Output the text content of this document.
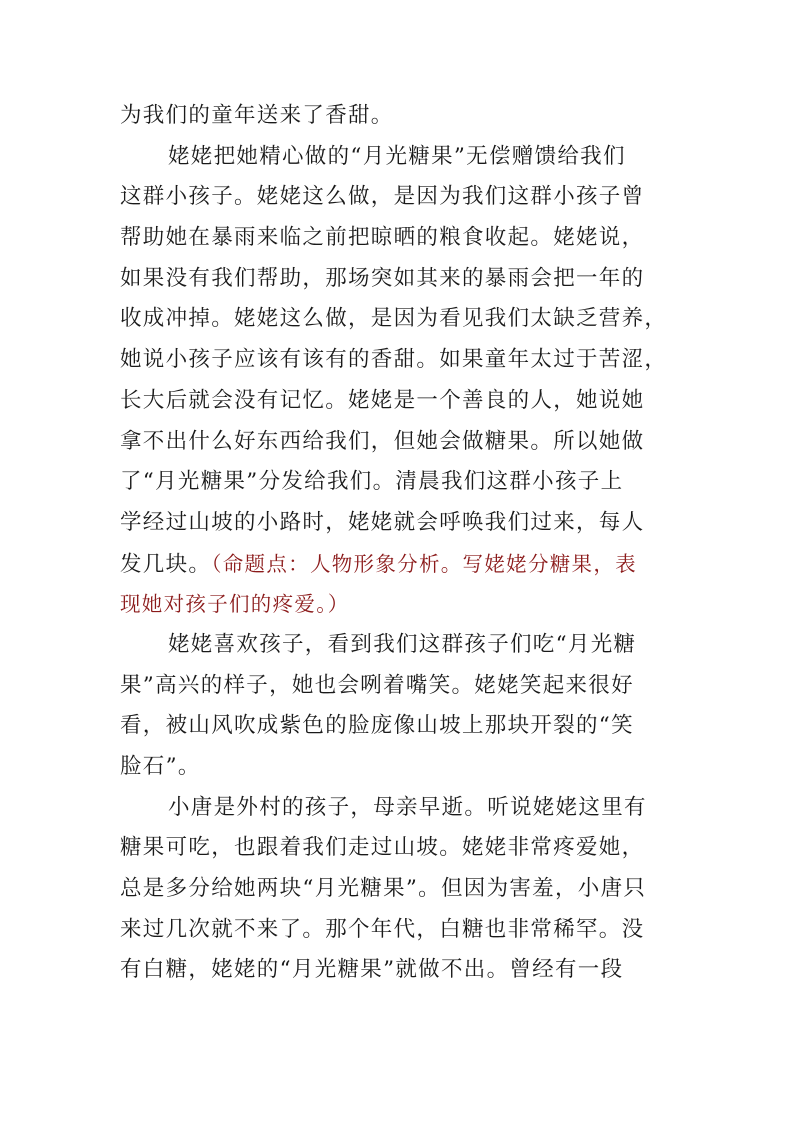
为我们的童年送来了香甜。
姥姥把她精心做的“月光糖果”无偿赠馈给我们
这群小孩子。姥姥这么做，是因为我们这群小孩子曾
帮助她在暴雨来临之前把晾晒的粮食收起。姥姥说，
如果没有我们帮助，那场突如其来的暴雨会把一年的
收成冲掉。姥姥这么做，是因为看见我们太缺乏营养，
她说小孩子应该有该有的香甜。如果童年太过于苦涩，
长大后就会没有记忆。姥姥是一个善良的人，她说她
拿不出什么好东西给我们，但她会做糖果。所以她做
了“月光糖果”分发给我们。清晨我们这群小孩子上
学经过山坡的小路时，姥姥就会呼唤我们过来，每人
发几块。（命题点：人物形象分析。写姥姥分糖果，表
现她对孩子们的疼爱。）
姥姥喜欢孩子，看到我们这群孩子们吃“月光糖
果”高兴的样子，她也会咧着嘴笑。姥姥笑起来很好
看，被山风吹成紫色的脸庞像山坡上那块开裂的“笑
脸石”。
小唐是外村的孩子，母亲早逝。听说姥姥这里有
糖果可吃，也跟着我们走过山坡。姥姥非常疼爱她，
总是多分给她两块“月光糖果”。但因为害羞，小唐只
来过几次就不来了。那个年代，白糖也非常稀罕。没
有白糖，姥姥的“月光糖果”就做不出。曾经有一段
